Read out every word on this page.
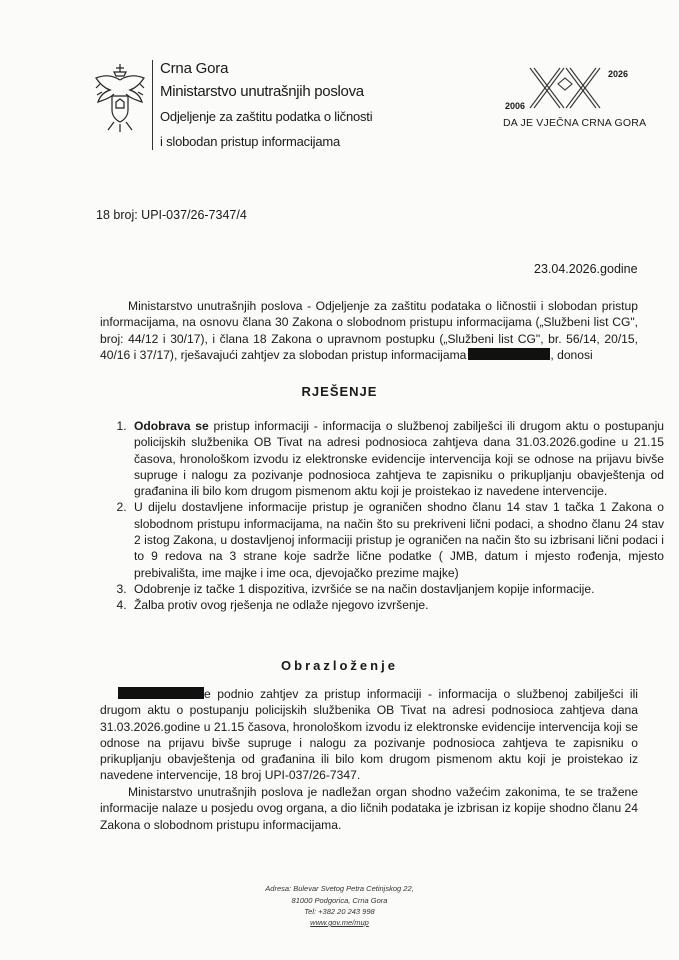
Crna Gora
Ministarstvo unutrašnjih poslova
Odjeljenje za zaštitu podatka o ličnosti
i slobodan pristup informacijama
2026
2006
DA JE VJEČNA CRNA GORA
18 broj: UPI-037/26-7347/4
23.04.2026.godine
Ministarstvo unutrašnjih poslova - Odjeljenje za zaštitu podataka o ličnostii i slobodan pristup informacijama, na osnovu člana 30 Zakona o slobodnom pristupu informacijama („Službeni list CG", broj: 44/12 i 30/17), i člana 18 Zakona o upravnom postupku („Službeni list CG", br. 56/14, 20/15, 40/16 i 37/17), rješavajući zahtjev za slobodan pristup informacijama	, donosi
RJEŠENJE
1. Odobrava se pristup informaciji - informacija o službenoj zabilješci ili drugom aktu o postupanju policijskih službenika OB Tivat na adresi podnosioca zahtjeva dana 31.03.2026.godine u 21.15 časova, hronološkom izvodu iz elektronske evidencije intervencija koji se odnose na prijavu bivše supruge i nalogu za pozivanje podnosioca zahtjeva te zapisniku o prikupljanju obavještenja od građanina ili bilo kom drugom pismenom aktu koji je proistekao iz navedene intervencije.
2. U dijelu dostavljene informacije pristup je ograničen shodno članu 14 stav 1 tačka 1 Zakona o slobodnom pristupu informacijama, na način što su prekriveni lični podaci, a shodno članu 24 stav 2 istog Zakona, u dostavljenoj informaciji pristup je ograničen na način što su izbrisani lični podaci i to 9 redova na 3 strane koje sadrže lične podatke ( JMB, datum i mjesto rođenja, mjesto prebivališta, ime majke i ime oca, djevojačko prezime majke)
3. Odobrenje iz tačke 1 dispozitiva, izvršiće se na način dostavljanjem kopije informacije.
4. Žalba protiv ovog rješenja ne odlaže njegovo izvršenje.
Obrazloženje
e podnio zahtjev za pristup informaciji - informacija o službenoj zabilješci ili drugom aktu o postupanju policijskih službenika OB Tivat na adresi podnosioca zahtjeva dana 31.03.2026.godine u 21.15 časova, hronološkom izvodu iz elektronske evidencije intervencija koji se odnose na prijavu bivše supruge i nalogu za pozivanje podnosioca zahtjeva te zapisniku o prikupljanju obavještenja od građanina ili bilo kom drugom pismenom aktu koji je proistekao iz navedene intervencije, 18 broj UPI-037/26-7347.
Ministarstvo unutrašnjih poslova je nadležan organ shodno važećim zakonima, te se tražene informacije nalaze u posjedu ovog organa, a dio ličnih podataka je izbrisan iz kopije shodno članu 24 Zakona o slobodnom pristupu informacijama.
Adresa: Bulevar Svetog Petra Cetinjskog 22,
81000 Podgorica, Crna Gora
Tel: +382 20 243 998
www.gov.me/mup
